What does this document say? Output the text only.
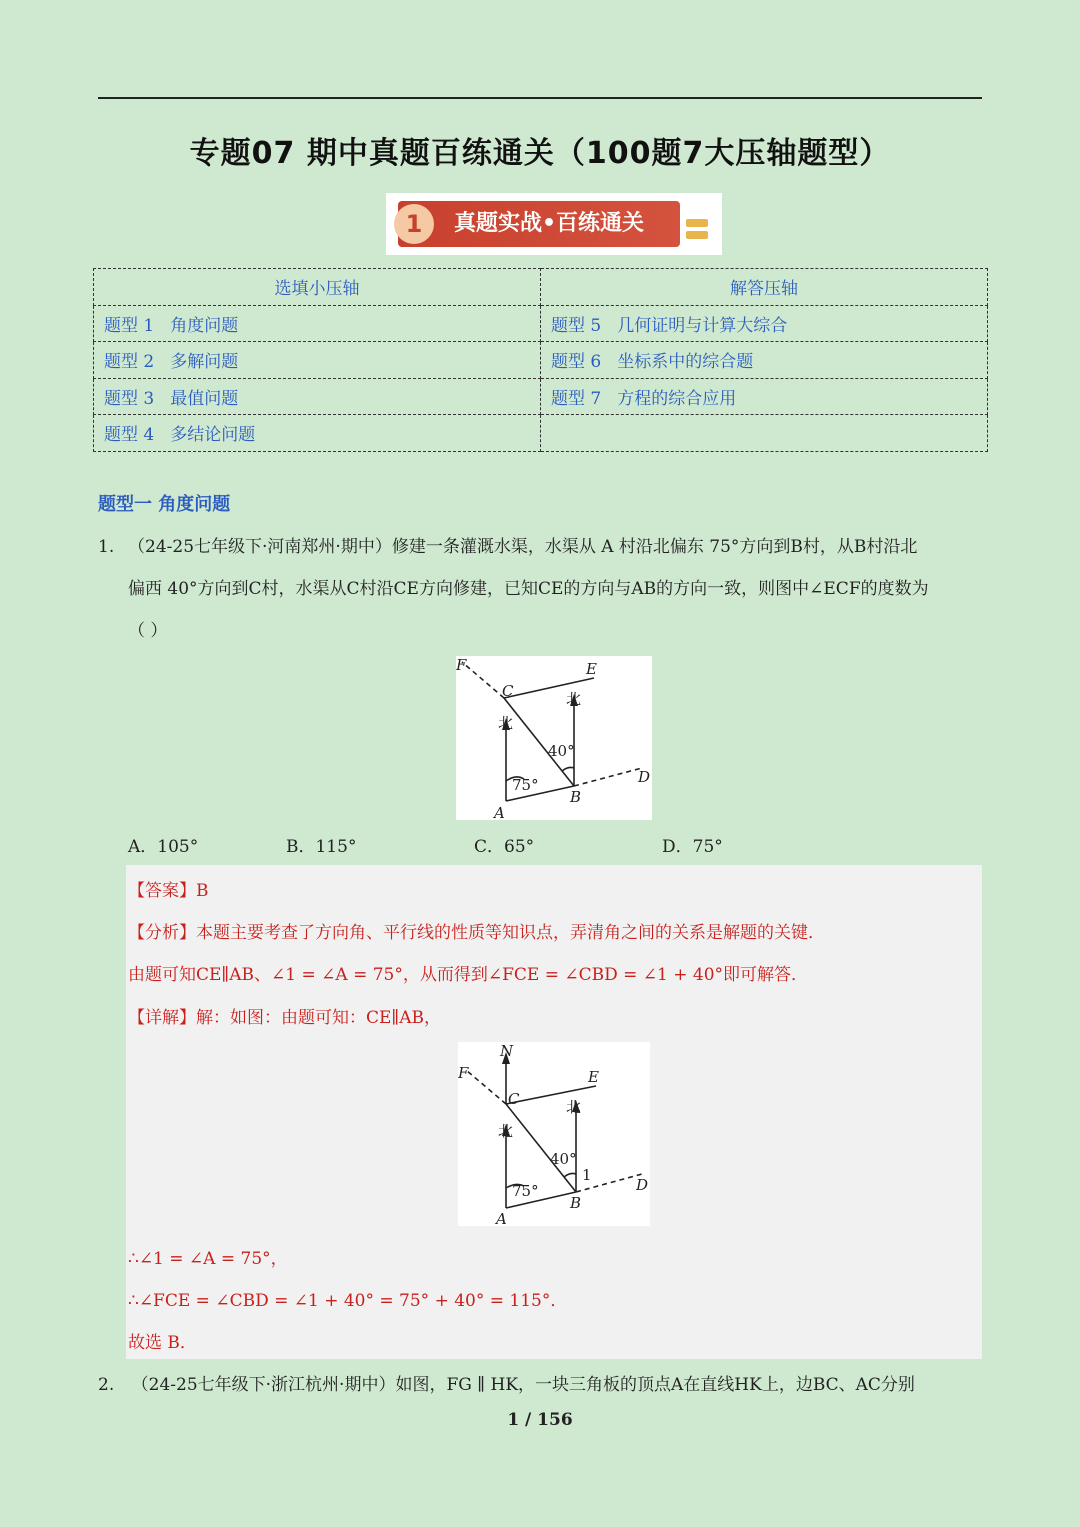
专题07 期中真题百练通关（100题7大压轴题型）
1	真题实战•百练通关
选填小压轴	解答压轴
题型 1 角度问题	题型 5 几何证明与计算大综合
题型 2 多解问题	题型 6 坐标系中的综合题
题型 3 最值问题	题型 7 方程的综合应用
题型 4 多结论问题	
题型一 角度问题
1. （24-25七年级下·河南郑州·期中）修建一条灌溉水渠，水渠从 A 村沿北偏东 75°方向到B村，从B村沿北
偏西 40°方向到C村，水渠从C村沿CE方向修建，已知CE的方向与AB的方向一致，则图中∠ECF的度数为
（ ）
F	E
C	北
北
40°
75°
A
B
D
A．105°	B．115°	C．65°	D．75°
【答案】B
【分析】本题主要考查了方向角、平行线的性质等知识点，弄清角之间的关系是解题的关键．
由题可知CE∥AB、∠1 = ∠A = 75°，从而得到∠FCE = ∠CBD = ∠1 + 40°即可解答．
【详解】解：如图：由题可知：CE∥AB，
N
F	E
C	北
北
40°
1
75°
A
B
D
∴∠1 = ∠A = 75°，
∴∠FCE = ∠CBD = ∠1 + 40° = 75° + 40° = 115°．
故选 B．
2. （24-25七年级下·浙江杭州·期中）如图，FG ∥ HK，一块三角板的顶点A在直线HK上，边BC、AC分别
1 / 156
